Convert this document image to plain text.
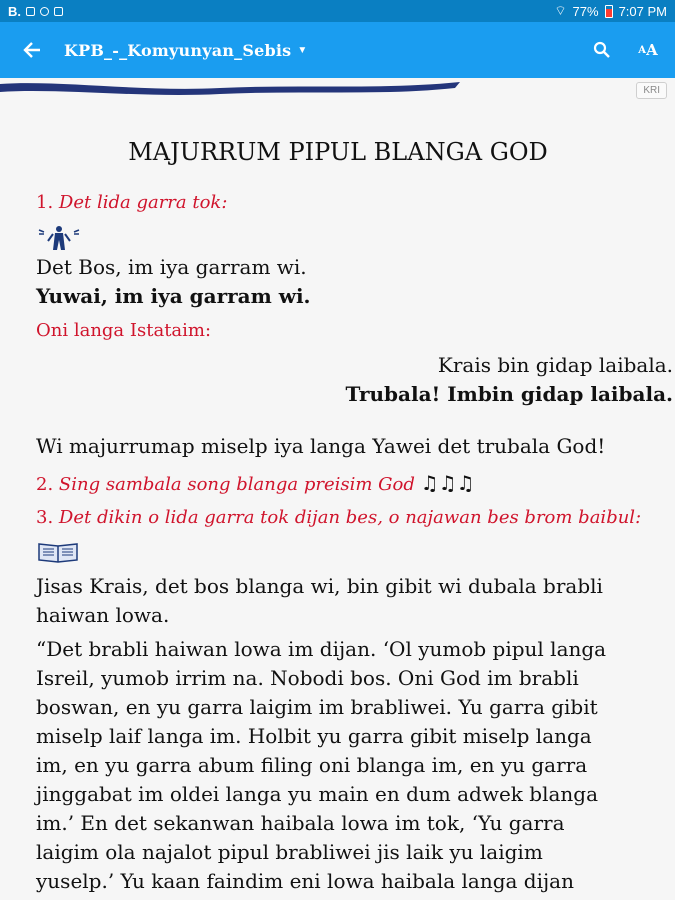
B.	⌔ 77% 7:07 PM
KPB_-_Komyunyan_Sebis ▼	A A
KRI
MAJURRUM PIPUL BLANGA GOD
1. Det lida garra tok:
Det Bos, im iya garram wi.
Yuwai, im iya garram wi.
Oni langa Istataim:
Krais bin gidap laibala.
Trubala! Imbin gidap laibala.
Wi majurrumap miselp iya langa Yawei det trubala God!
2. Sing sambala song blanga preisim God ♫♫♫
3. Det dikin o lida garra tok dijan bes, o najawan bes brom baibul:
Jisas Krais, det bos blanga wi, bin gibit wi dubala brabli
haiwan lowa.
“Det brabli haiwan lowa im dijan. ‘Ol yumob pipul langa
Isreil, yumob irrim na. Nobodi bos. Oni God im brabli
boswan, en yu garra laigim im brabliwei. Yu garra gibit
miselp laif langa im. Holbit yu garra gibit miselp langa
im, en yu garra abum filing oni blanga im, en yu garra
jinggabat im oldei langa yu main en dum adwek blanga
im.’ En det sekanwan haibala lowa im tok, ‘Yu garra
laigim ola najalot pipul brabliwei jis laik yu laigim
yuselp.’ Yu kaan faindim eni lowa haibala langa dijan
